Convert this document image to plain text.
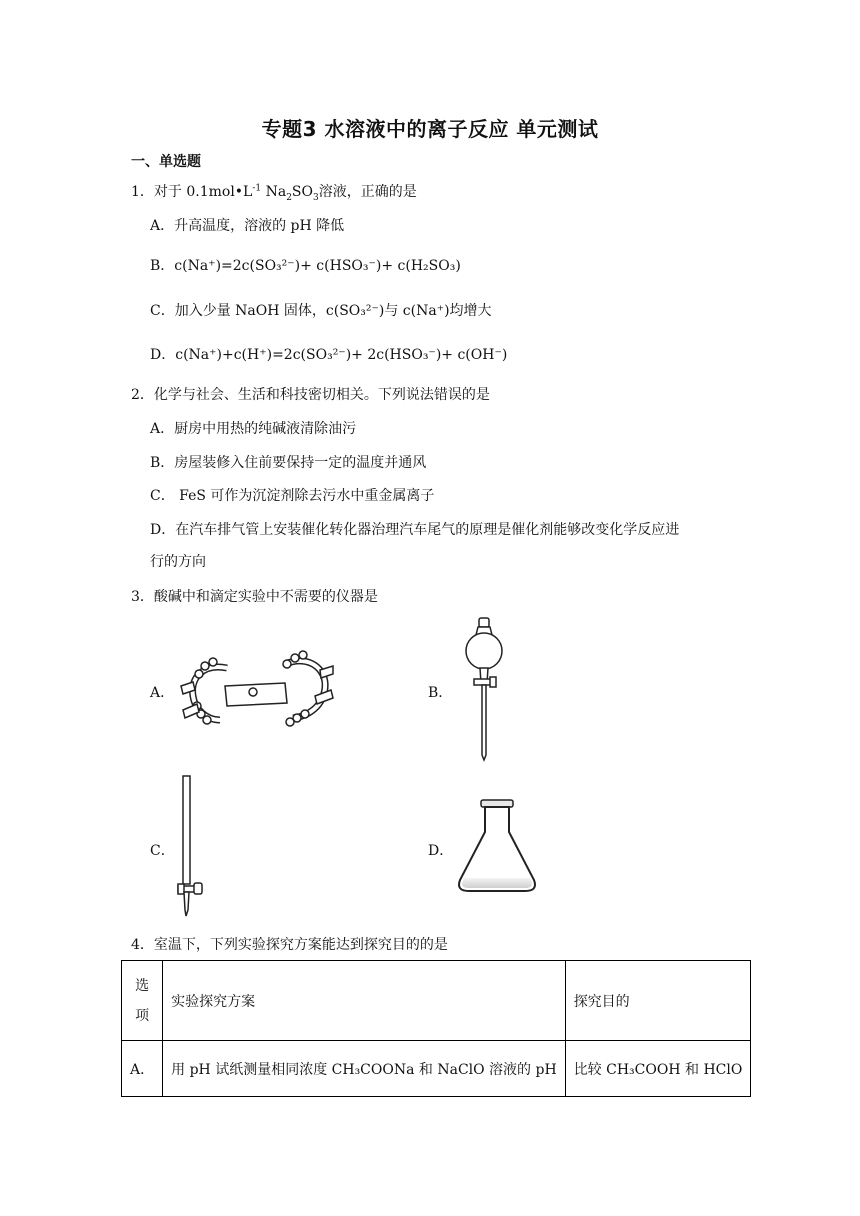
专题3 水溶液中的离子反应 单元测试
一、单选题
1．对于 $0.1mol•L^{-1}$ $Na_2SO_3$溶液，正确的是
A．升高温度，溶液的 pH 降低
B．c(Na⁺)=2c(SO₃²⁻)+ c(HSO₃⁻)+ c(H₂SO₃)
C．加入少量 NaOH 固体，c(SO₃²⁻)与 c(Na⁺)均增大
D．c(Na⁺)+c(H⁺)=2c(SO₃²⁻)+ 2c(HSO₃⁻)+ c(OH⁻)
2．化学与社会、生活和科技密切相关。下列说法错误的是
A．厨房中用热的纯碱液清除油污
B．房屋装修入住前要保持一定的温度并通风
C． FeS 可作为沉淀剂除去污水中重金属离子
D．在汽车排气管上安装催化转化器治理汽车尾气的原理是催化剂能够改变化学反应进
行的方向
3．酸碱中和滴定实验中不需要的仪器是
A．	B．
C．	D．
4．室温下，下列实验探究方案能达到探究目的的是
选
项	实验探究方案	探究目的
A．	用 pH 试纸测量相同浓度 CH₃COONa 和 NaClO 溶液的 pH	比较 CH₃COOH 和 HClO
